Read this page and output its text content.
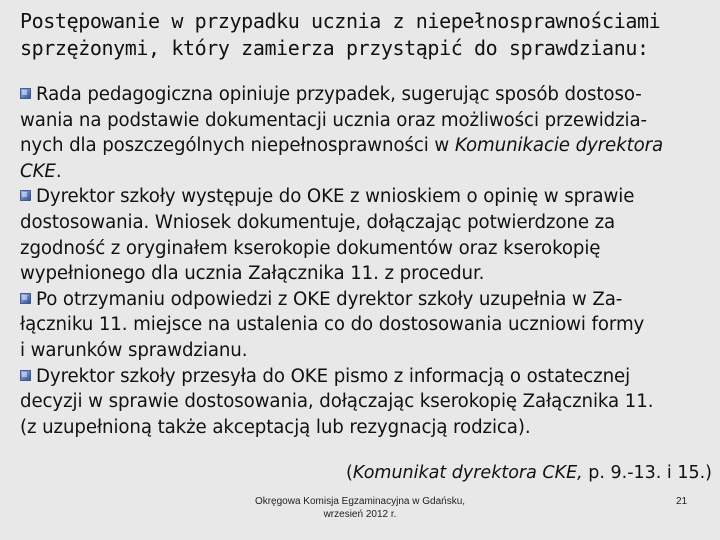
Postępowanie w przypadku ucznia z niepełnosprawnościami
sprzężonymi, który zamierza przystąpić do sprawdzianu:
Rada pedagogiczna opiniuje przypadek, sugerując sposób dostoso-
wania na podstawie dokumentacji ucznia oraz możliwości przewidzia-
nych dla poszczególnych niepełnosprawności w Komunikacie dyrektora
CKE.
Dyrektor szkoły występuje do OKE z wnioskiem o opinię w sprawie
dostosowania. Wniosek dokumentuje, dołączając potwierdzone za
zgodność z oryginałem kserokopie dokumentów oraz kserokopię
wypełnionego dla ucznia Załącznika 11. z procedur.
Po otrzymaniu odpowiedzi z OKE dyrektor szkoły uzupełnia w Za-
łączniku 11. miejsce na ustalenia co do dostosowania uczniowi formy
i warunków sprawdzianu.
Dyrektor szkoły przesyła do OKE pismo z informacją o ostatecznej
decyzji w sprawie dostosowania, dołączając kserokopię Załącznika 11.
(z uzupełnioną także akceptacją lub rezygnacją rodzica).
(Komunikat dyrektora CKE, p. 9.-13. i 15.)
Okręgowa Komisja Egzaminacyjna w Gdańsku,
wrzesień 2012 r.
21
